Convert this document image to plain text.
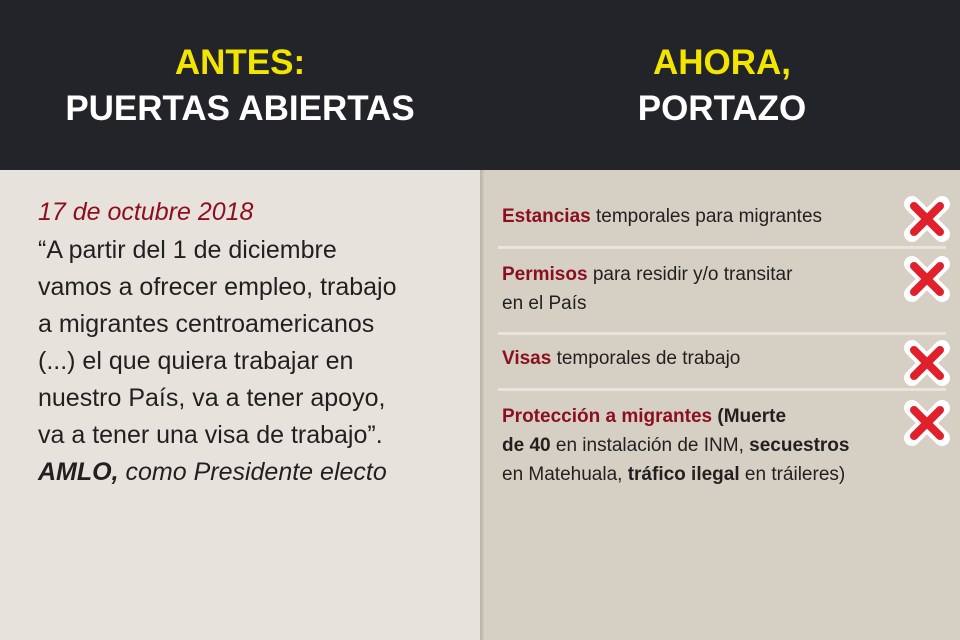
ANTES:
PUERTAS ABIERTAS
AHORA,
PORTAZO
17 de octubre 2018

“A partir del 1 de diciembre

vamos a ofrecer empleo, trabajo

a migrantes centroamericanos

(...) el que quiera trabajar en

nuestro País, va a tener apoyo,

va a tener una visa de trabajo”.

AMLO, como Presidente electo

Estancias temporales para migrantes
Permisos para residir y/o transitar
en el País
Visas temporales de trabajo
Protección a migrantes (Muerte
de 40 en instalación de INM, secuestros
en Matehuala, tráfico ilegal en tráileres)
